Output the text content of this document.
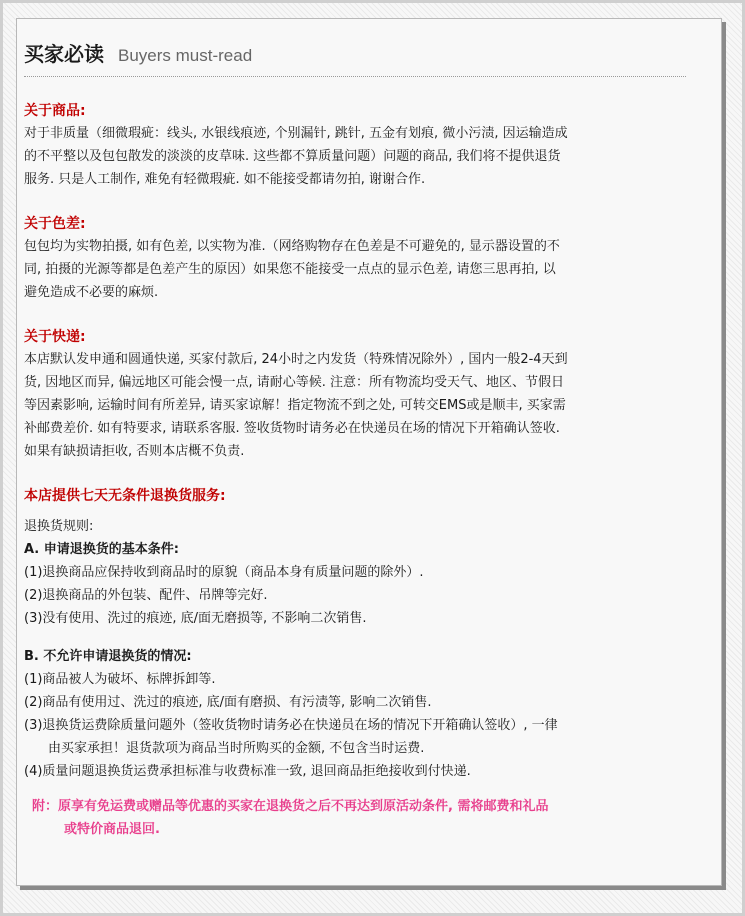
买家必读 Buyers must-read
关于商品:
对于非质量（细微瑕疵：线头, 水银线痕迹, 个别漏针, 跳针, 五金有划痕, 微小污渍, 因运输造成
的不平整以及包包散发的淡淡的皮草味. 这些都不算质量问题）问题的商品, 我们将不提供退货
服务. 只是人工制作, 难免有轻微瑕疵. 如不能接受都请勿拍, 谢谢合作.
关于色差:
包包均为实物拍摄, 如有色差, 以实物为准.（网络购物存在色差是不可避免的, 显示器设置的不
同, 拍摄的光源等都是色差产生的原因）如果您不能接受一点点的显示色差, 请您三思再拍, 以
避免造成不必要的麻烦.
关于快递:
本店默认发申通和圆通快递, 买家付款后, 24小时之内发货（特殊情况除外）, 国内一般2-4天到
货, 因地区而异, 偏远地区可能会慢一点, 请耐心等候. 注意：所有物流均受天气、地区、节假日
等因素影响, 运输时间有所差异, 请买家谅解！指定物流不到之处, 可转交EMS或是顺丰, 买家需
补邮费差价. 如有特要求, 请联系客服. 签收货物时请务必在快递员在场的情况下开箱确认签收.
如果有缺损请拒收, 否则本店概不负责.
本店提供七天无条件退换货服务:
退换货规则:
A. 申请退换货的基本条件:
(1)退换商品应保持收到商品时的原貌（商品本身有质量问题的除外）.
(2)退换商品的外包装、配件、吊牌等完好.
(3)没有使用、洗过的痕迹, 底/面无磨损等, 不影响二次销售.
B. 不允许申请退换货的情况:
(1)商品被人为破坏、标牌拆卸等.
(2)商品有使用过、洗过的痕迹, 底/面有磨损、有污渍等, 影响二次销售.
(3)退换货运费除质量问题外（签收货物时请务必在快递员在场的情况下开箱确认签收）, 一律
由买家承担！退货款项为商品当时所购买的金额, 不包含当时运费.
(4)质量问题退换货运费承担标准与收费标准一致, 退回商品拒绝接收到付快递.
附：原享有免运费或赠品等优惠的买家在退换货之后不再达到原活动条件, 需将邮费和礼品
或特价商品退回.
